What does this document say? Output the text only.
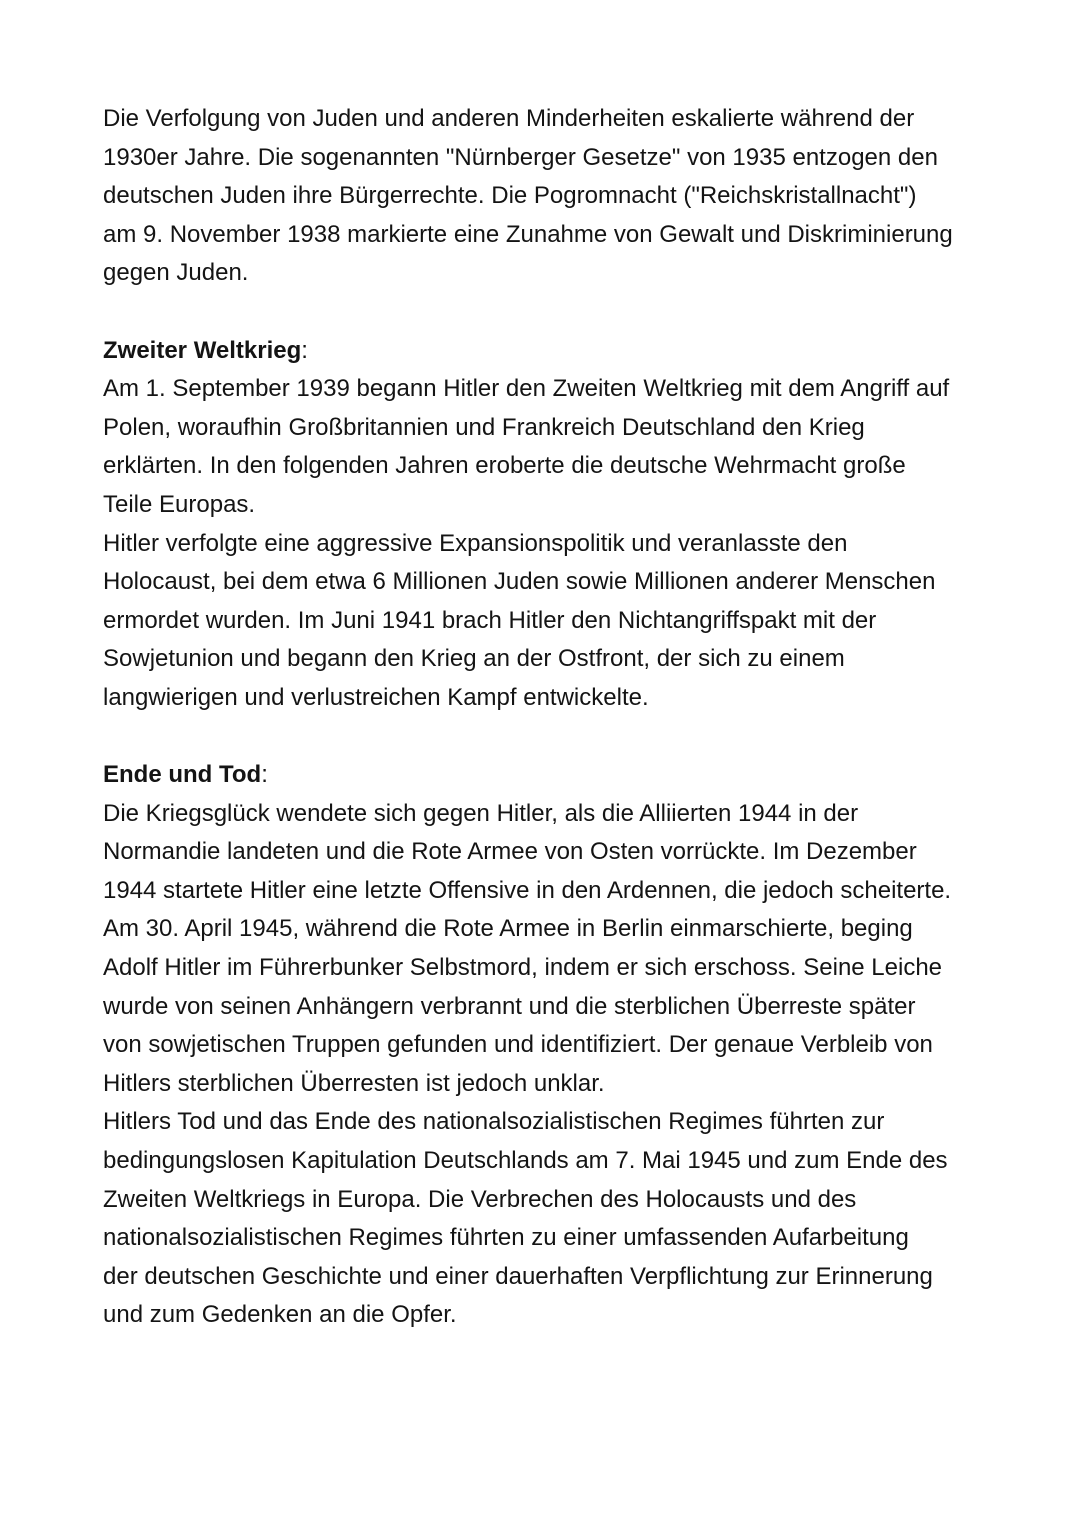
Die Verfolgung von Juden und anderen Minderheiten eskalierte während der
1930er Jahre. Die sogenannten "Nürnberger Gesetze" von 1935 entzogen den
deutschen Juden ihre Bürgerrechte. Die Pogromnacht ("Reichskristallnacht")
am 9. November 1938 markierte eine Zunahme von Gewalt und Diskriminierung
gegen Juden.

Zweiter Weltkrieg:

Am 1. September 1939 begann Hitler den Zweiten Weltkrieg mit dem Angriff auf
Polen, woraufhin Großbritannien und Frankreich Deutschland den Krieg
erklärten. In den folgenden Jahren eroberte die deutsche Wehrmacht große
Teile Europas.
Hitler verfolgte eine aggressive Expansionspolitik und veranlasste den
Holocaust, bei dem etwa 6 Millionen Juden sowie Millionen anderer Menschen
ermordet wurden. Im Juni 1941 brach Hitler den Nichtangriffspakt mit der
Sowjetunion und begann den Krieg an der Ostfront, der sich zu einem
langwierigen und verlustreichen Kampf entwickelte.

Ende und Tod:

Die Kriegsglück wendete sich gegen Hitler, als die Alliierten 1944 in der
Normandie landeten und die Rote Armee von Osten vorrückte. Im Dezember
1944 startete Hitler eine letzte Offensive in den Ardennen, die jedoch scheiterte.
Am 30. April 1945, während die Rote Armee in Berlin einmarschierte, beging
Adolf Hitler im Führerbunker Selbstmord, indem er sich erschoss. Seine Leiche
wurde von seinen Anhängern verbrannt und die sterblichen Überreste später
von sowjetischen Truppen gefunden und identifiziert. Der genaue Verbleib von
Hitlers sterblichen Überresten ist jedoch unklar.
Hitlers Tod und das Ende des nationalsozialistischen Regimes führten zur
bedingungslosen Kapitulation Deutschlands am 7. Mai 1945 und zum Ende des
Zweiten Weltkriegs in Europa. Die Verbrechen des Holocausts und des
nationalsozialistischen Regimes führten zu einer umfassenden Aufarbeitung
der deutschen Geschichte und einer dauerhaften Verpflichtung zur Erinnerung
und zum Gedenken an die Opfer.
